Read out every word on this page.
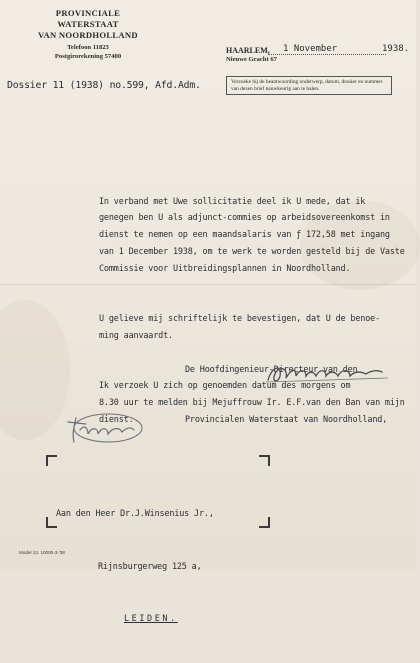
PROVINCIALE WATERSTAAT
VAN NOORDHOLLAND
Telefoon 11823
Postgirorekening 57400
HAARLEM, 1 November	1938.
Nieuwe Gracht 67
Verzoeke bij de beantwoording onderwerp, datum, dossier en nummer van dezen brief nauwkeurig aan te halen.
Dossier 11 (1938) no.599, Afd.Adm.

In verband met Uwe sollicitatie deel ik U mede, dat ik
genegen ben U als adjunct-commies op arbeidsovereenkomst in
dienst te nemen op een maandsalaris van ƒ 172,58 met ingang
van 1 December 1938, om te werk te worden gesteld bij de Vaste
Commissie voor Uitbreidingsplannen in Noordholland.

U gelieve mij schriftelijk te bevestigen, dat U de benoe-
ming aanvaardt.

Ik verzoek U zich op genoemden datum des morgens om
8.30 uur te melden bij Mejuffrouw Ir. E.F.van den Ban van mijn
dienst.

De Hoofdingenieur-Directeur van den

Provincialen Waterstaat van Noordholland,

Aan den Heer Dr.J.Winsenius Jr.,

Rijnsburgerweg 125 a,

LEIDEN.

Model 13. 10000-3-'38
